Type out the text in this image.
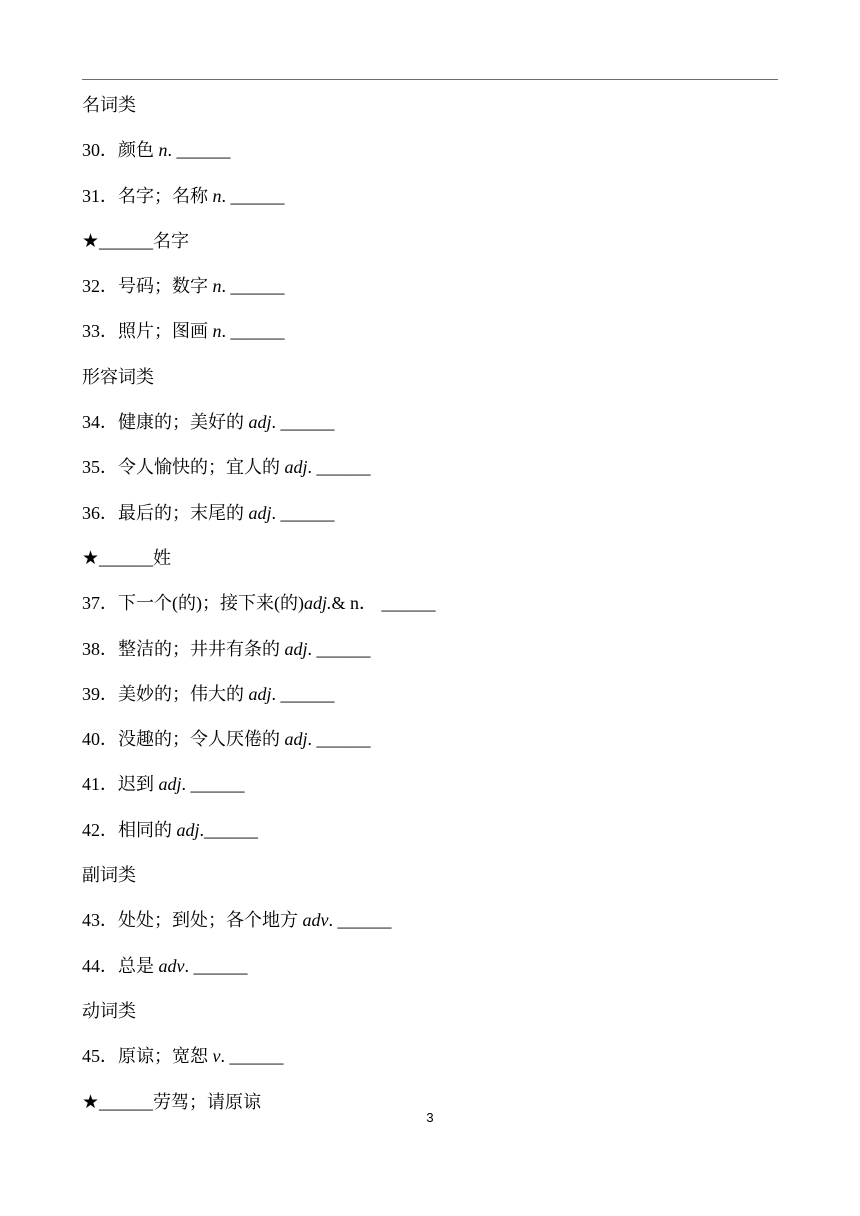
名词类
30 ． 颜色 n. ______
31 ． 名字；名称 n. ______
★______名字
32 ． 号码；数字 n. ______
33 ． 照片；图画 n. ______
形容词类
34 ． 健康的；美好的 adj. ______
35 ． 令人愉快的；宜人的 adj. ______
36 ． 最后的；末尾的 adj. ______
★______姓
37 ． 下一个(的)；接下来(的)adj.& n． ______
38 ． 整洁的；井井有条的 adj. ______
39 ． 美妙的；伟大的 adj. ______
40 ． 没趣的；令人厌倦的 adj. ______
41 ． 迟到 adj. ______
42 ． 相同的 adj.______
副词类
43 ． 处处；到处；各个地方 adv. ______
44 ． 总是 adv. ______
动词类
45 ． 原谅；宽恕 v. ______
★______劳驾；请原谅
3
